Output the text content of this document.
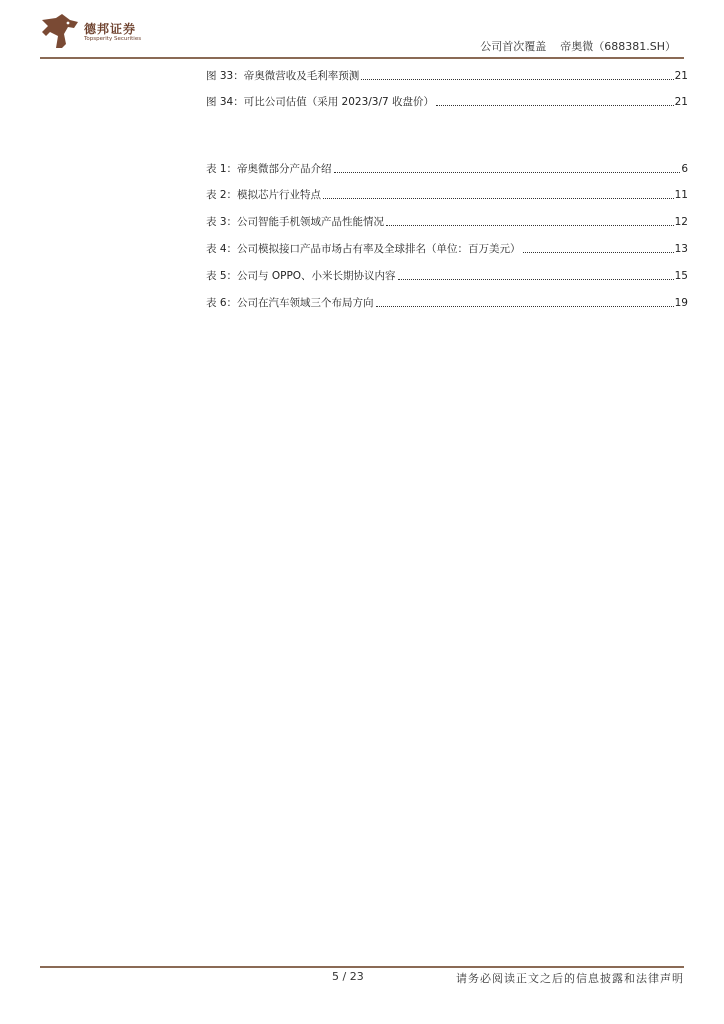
德邦证券
Topsperity Securities
公司首次覆盖 帝奥微（688381.SH）
图 33：帝奥微营收及毛利率预测	21
图 34：可比公司估值（采用 2023/3/7 收盘价）	21
表 1：帝奥微部分产品介绍	6
表 2：模拟芯片行业特点	11
表 3：公司智能手机领域产品性能情况	12
表 4：公司模拟接口产品市场占有率及全球排名（单位：百万美元）	13
表 5：公司与 OPPO、小米长期协议内容	15
表 6：公司在汽车领域三个布局方向	19
5 / 23	请务必阅读正文之后的信息披露和法律声明
